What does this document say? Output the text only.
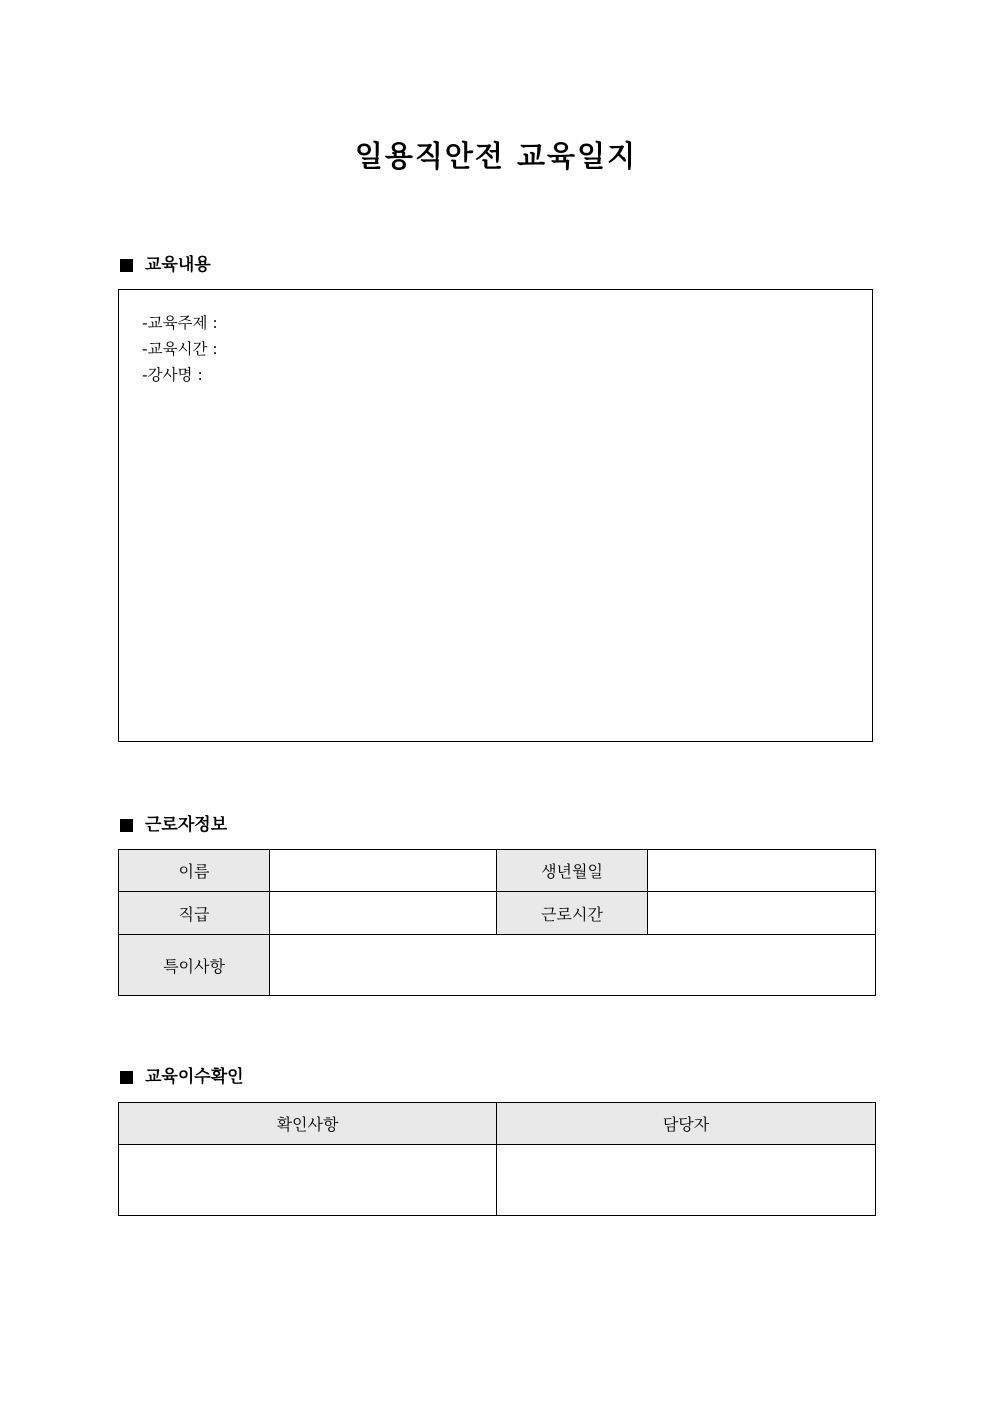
일용직안전 교육일지
교육내용
-교육주제 :
-교육시간 :
-강사명 :
근로자정보
이름		생년월일	
직급		근로시간	
특이사항			
교육이수확인
확인사항	담당자
